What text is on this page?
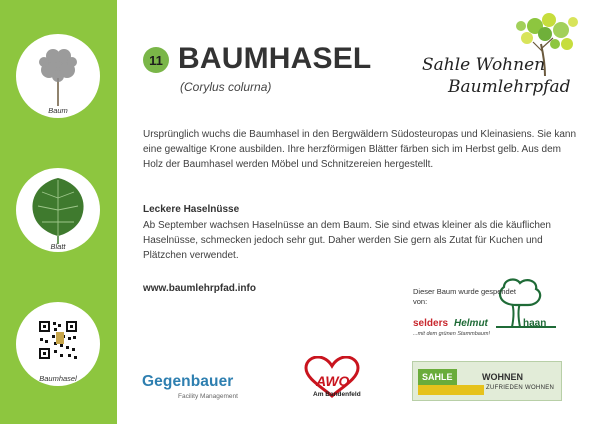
Baum
Blatt
Baumhasel
11 BAUMHASEL
(Corylus colurna)
Sahle Wohnen
Baumlehrpfad
Ursprünglich wuchs die Baumhasel in den Bergwäldern Südosteuropas und Kleinasiens. Sie kann eine gewaltige Krone ausbilden. Ihre herzförmigen Blätter färben sich im Herbst gelb. Aus dem Holz der Baumhasel werden Möbel und Schnitzereien hergestellt.
Leckere Haselnüsse
Ab September wachsen Haselnüsse an dem Baum. Sie sind etwas kleiner als die käuflichen Haselnüsse, schmecken jedoch sehr gut. Daher werden Sie gern als Zutat für Kuchen und Plätzchen verwendet.
www.baumlehrpfad.info	Dieser Baum wurde gespendet von:
selders Helmut	haan
...mit dem grünen Stammbaum!
Gegenbauer
Facility Management
AWO
Am Bandenfeld
SAHLE	WOHNEN
ZUFRIEDEN WOHNEN
